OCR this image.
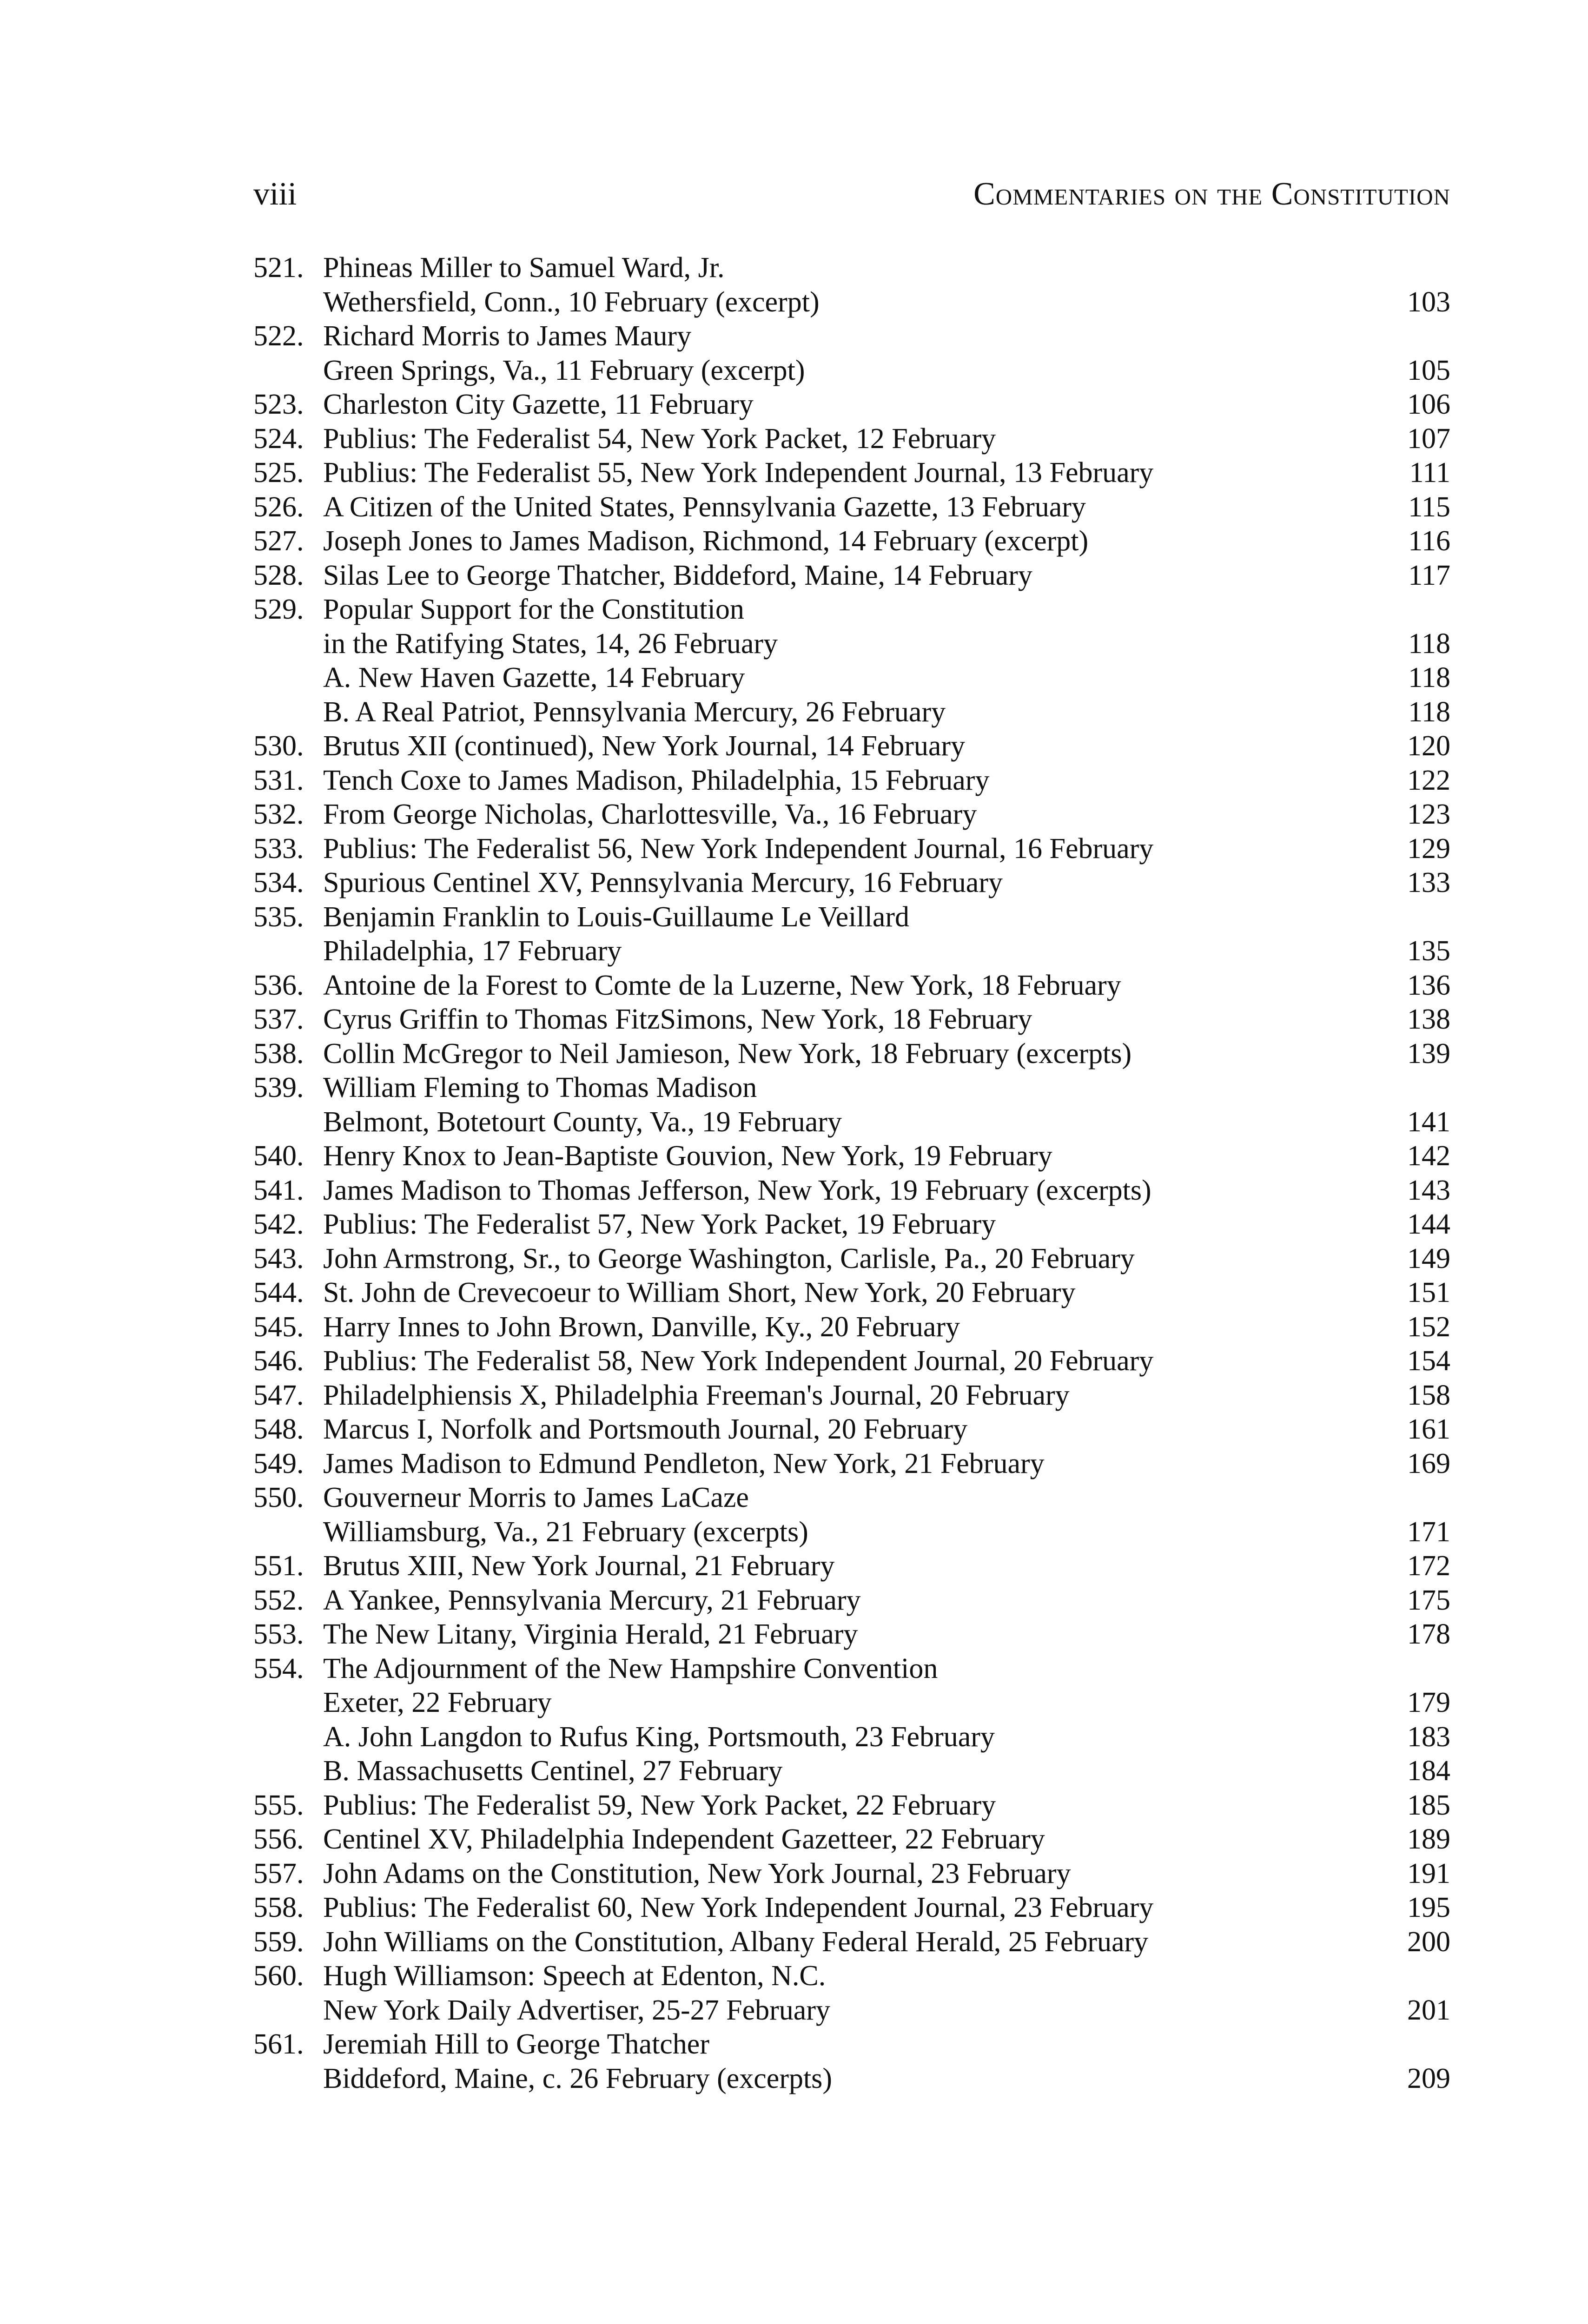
viii	Commentaries on the Constitution
521. Phineas Miller to Samuel Ward, Jr.
Wethersfield, Conn., 10 February (excerpt)	103
522. Richard Morris to James Maury
Green Springs, Va., 11 February (excerpt)	105
523. Charleston City Gazette, 11 February	106
524. Publius: The Federalist 54, New York Packet, 12 February	107
525. Publius: The Federalist 55, New York Independent Journal, 13 February	111
526. A Citizen of the United States, Pennsylvania Gazette, 13 February	115
527. Joseph Jones to James Madison, Richmond, 14 February (excerpt)	116
528. Silas Lee to George Thatcher, Biddeford, Maine, 14 February	117
529. Popular Support for the Constitution
in the Ratifying States, 14, 26 February	118
A. New Haven Gazette, 14 February	118
B. A Real Patriot, Pennsylvania Mercury, 26 February	118
530. Brutus XII (continued), New York Journal, 14 February	120
531. Tench Coxe to James Madison, Philadelphia, 15 February	122
532. From George Nicholas, Charlottesville, Va., 16 February	123
533. Publius: The Federalist 56, New York Independent Journal, 16 February	129
534. Spurious Centinel XV, Pennsylvania Mercury, 16 February	133
535. Benjamin Franklin to Louis-Guillaume Le Veillard
Philadelphia, 17 February	135
536. Antoine de la Forest to Comte de la Luzerne, New York, 18 February	136
537. Cyrus Griffin to Thomas FitzSimons, New York, 18 February	138
538. Collin McGregor to Neil Jamieson, New York, 18 February (excerpts)	139
539. William Fleming to Thomas Madison
Belmont, Botetourt County, Va., 19 February	141
540. Henry Knox to Jean-Baptiste Gouvion, New York, 19 February	142
541. James Madison to Thomas Jefferson, New York, 19 February (excerpts)	143
542. Publius: The Federalist 57, New York Packet, 19 February	144
543. John Armstrong, Sr., to George Washington, Carlisle, Pa., 20 February	149
544. St. John de Crevecoeur to William Short, New York, 20 February	151
545. Harry Innes to John Brown, Danville, Ky., 20 February	152
546. Publius: The Federalist 58, New York Independent Journal, 20 February	154
547. Philadelphiensis X, Philadelphia Freeman's Journal, 20 February	158
548. Marcus I, Norfolk and Portsmouth Journal, 20 February	161
549. James Madison to Edmund Pendleton, New York, 21 February	169
550. Gouverneur Morris to James LaCaze
Williamsburg, Va., 21 February (excerpts)	171
551. Brutus XIII, New York Journal, 21 February	172
552. A Yankee, Pennsylvania Mercury, 21 February	175
553. The New Litany, Virginia Herald, 21 February	178
554. The Adjournment of the New Hampshire Convention
Exeter, 22 February	179
A. John Langdon to Rufus King, Portsmouth, 23 February	183
B. Massachusetts Centinel, 27 February	184
555. Publius: The Federalist 59, New York Packet, 22 February	185
556. Centinel XV, Philadelphia Independent Gazetteer, 22 February	189
557. John Adams on the Constitution, New York Journal, 23 February	191
558. Publius: The Federalist 60, New York Independent Journal, 23 February	195
559. John Williams on the Constitution, Albany Federal Herald, 25 February	200
560. Hugh Williamson: Speech at Edenton, N.C.
New York Daily Advertiser, 25-27 February	201
561. Jeremiah Hill to George Thatcher
Biddeford, Maine, c. 26 February (excerpts)	209
